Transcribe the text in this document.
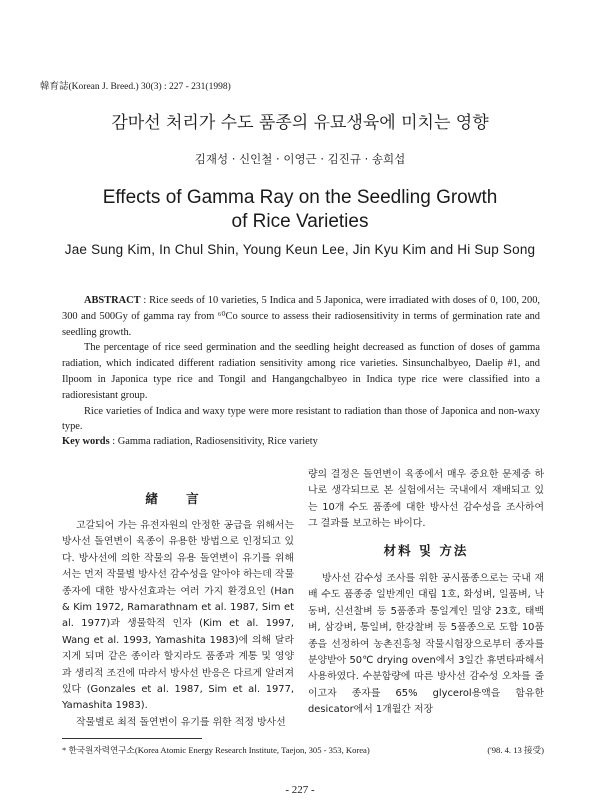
韓育誌(Korean J. Breed.) 30(3) : 227 - 231(1998)
감마선 처리가 수도 품종의 유묘생육에 미치는 영향
김재성 · 신인철 · 이영근 · 김진규 · 송희섭
Effects of Gamma Ray on the Seedling Growth
of Rice Varieties
Jae Sung Kim, In Chul Shin, Young Keun Lee, Jin Kyu Kim and Hi Sup Song

ABSTRACT : Rice seeds of 10 varieties, 5 Indica and 5 Japonica, were irradiated with doses of 0, 100, 200, 300 and 500Gy of gamma ray from ⁶⁰Co source to assess their radiosensitivity in terms of germination rate and seedling growth.

The percentage of rice seed germination and the seedling height decreased as function of doses of gamma radiation, which indicated different radiation sensitivity among rice varieties. Sinsunchalbyeo, Daelip #1, and Ilpoom in Japonica type rice and Tongil and Hangangchalbyeo in Indica type rice were classified into a radioresistant group.

Rice varieties of Indica and waxy type were more resistant to radiation than those of Japonica and non-waxy type.

Key words : Gamma radiation, Radiosensitivity, Rice variety
緖 言

고갈되어 가는 유전자원의 안정한 공급을 위해서는 방사선 돌연변이 육종이 유용한 방법으로 인정되고 있다. 방사선에 의한 작물의 유용 돌연변이 유기를 위해서는 먼저 작물별 방사선 감수성을 알아야 하는데 작물종자에 대한 방사선효과는 여러 가지 환경요인 (Han & Kim 1972, Ramarathnam et al. 1987, Sim et al. 1977)과 생물학적 인자 (Kim et al. 1997, Wang et al. 1993, Yamashita 1983)에 의해 달라지게 되며 같은 종이라 할지라도 품종과 계통 및 영양과 생리적 조건에 따라서 방사선 반응은 다르게 알려져 있다 (Gonzales et al. 1987, Sim et al. 1977, Yamashita 1983).

작물별로 최적 돌연변이 유기를 위한 적정 방사선

량의 결정은 돌연변이 육종에서 매우 중요한 문제중 하나로 생각되므로 본 실험에서는 국내에서 재배되고 있는 10개 수도 품종에 대한 방사선 감수성을 조사하여 그 결과를 보고하는 바이다.

材料 및 方法

방사선 감수성 조사를 위한 공시품종으로는 국내 재배 수도 품종중 일반계인 대립 1호, 화성벼, 일품벼, 낙동벼, 신선찰벼 등 5품종과 통일계인 밀양 23호, 태백벼, 삼강벼, 통일벼, 한강찰벼 등 5품종으로 도합 10품종을 선정하여 농촌진흥청 작물시험장으로부터 종자를 분양받아 50℃ drying oven에서 3일간 휴면타파해서 사용하였다. 수분함량에 따른 방사선 감수성 오차를 줄이고자 종자를 65% glycerol용액을 함유한 desicator에서 1개월간 저장

* 한국원자력연구소(Korea Atomic Energy Research Institute, Taejon, 305 - 353, Korea)	('98. 4. 13 接受)
- 227 -
